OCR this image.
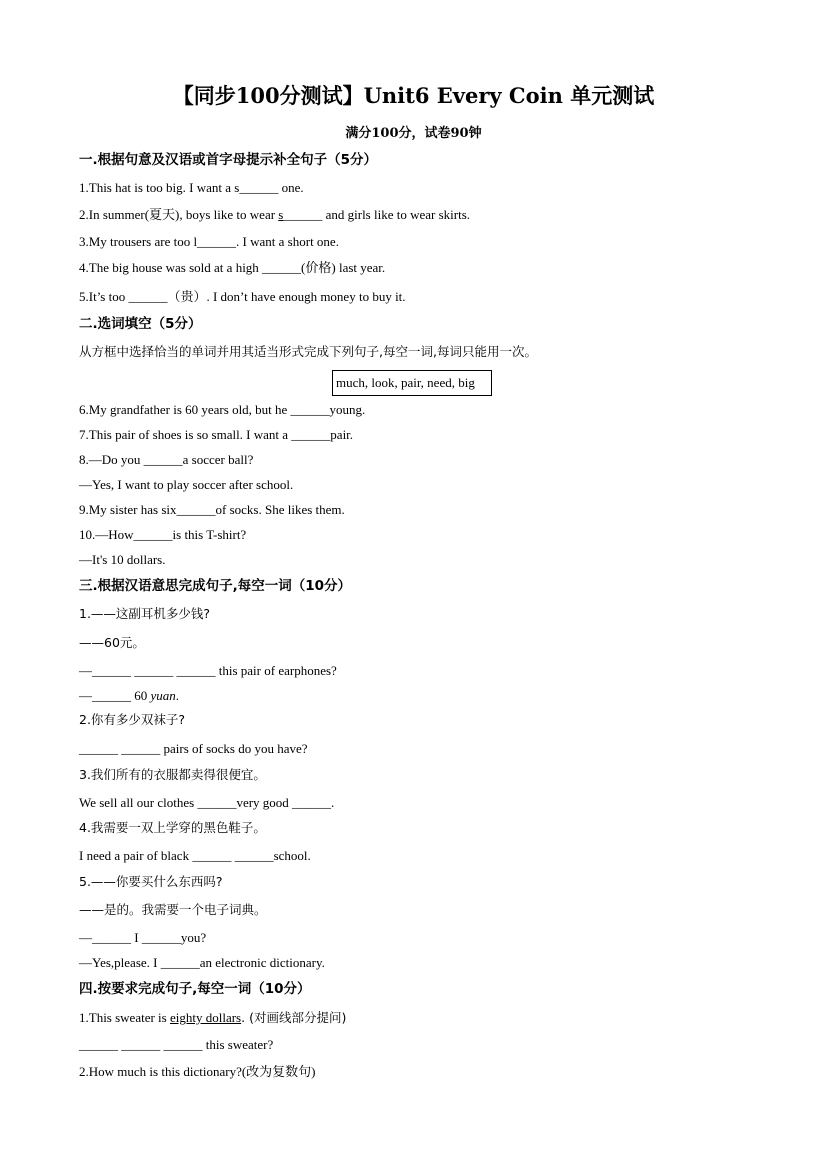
【同步100分测试】Unit6 Every Coin 单元测试
满分100分，试卷90钟
一.根据句意及汉语或首字母提示补全句子（5分）
1.This hat is too big. I want a s______ one.
2.In summer(夏天), boys like to wear s______ and girls like to wear skirts.
3.My trousers are too l______. I want a short one.
4.The big house was sold at a high ______(价格) last year.
5.It’s too ______（贵）. I don’t have enough money to buy it.
二.选词填空（5分）
从方框中选择恰当的单词并用其适当形式完成下列句子,每空一词,每词只能用一次。
much, look, pair, need, big
6.My grandfather is 60 years old, but he ______young.
7.This pair of shoes is so small. I want a ______pair.
8.—Do you ______a soccer ball?
—Yes, I want to play soccer after school.
9.My sister has six______of socks. She likes them.
10.—How______is this T-shirt?
—It's 10 dollars.
三.根据汉语意思完成句子,每空一词（10分）
1.——这副耳机多少钱?
——60元。
—______ ______ ______ this pair of earphones?
—______ 60 yuan.
2.你有多少双袜子?
______ ______ pairs of socks do you have?
3.我们所有的衣服都卖得很便宜。
We sell all our clothes ______very good ______.
4.我需要一双上学穿的黑色鞋子。
I need a pair of black ______ ______school.
5.——你要买什么东西吗?
——是的。我需要一个电子词典。
—______ I ______you?
—Yes,please. I ______an electronic dictionary.
四.按要求完成句子,每空一词（10分）
1.This sweater is eighty dollars. (对画线部分提问)
______ ______ ______ this sweater?
2.How much is this dictionary?(改为复数句)
